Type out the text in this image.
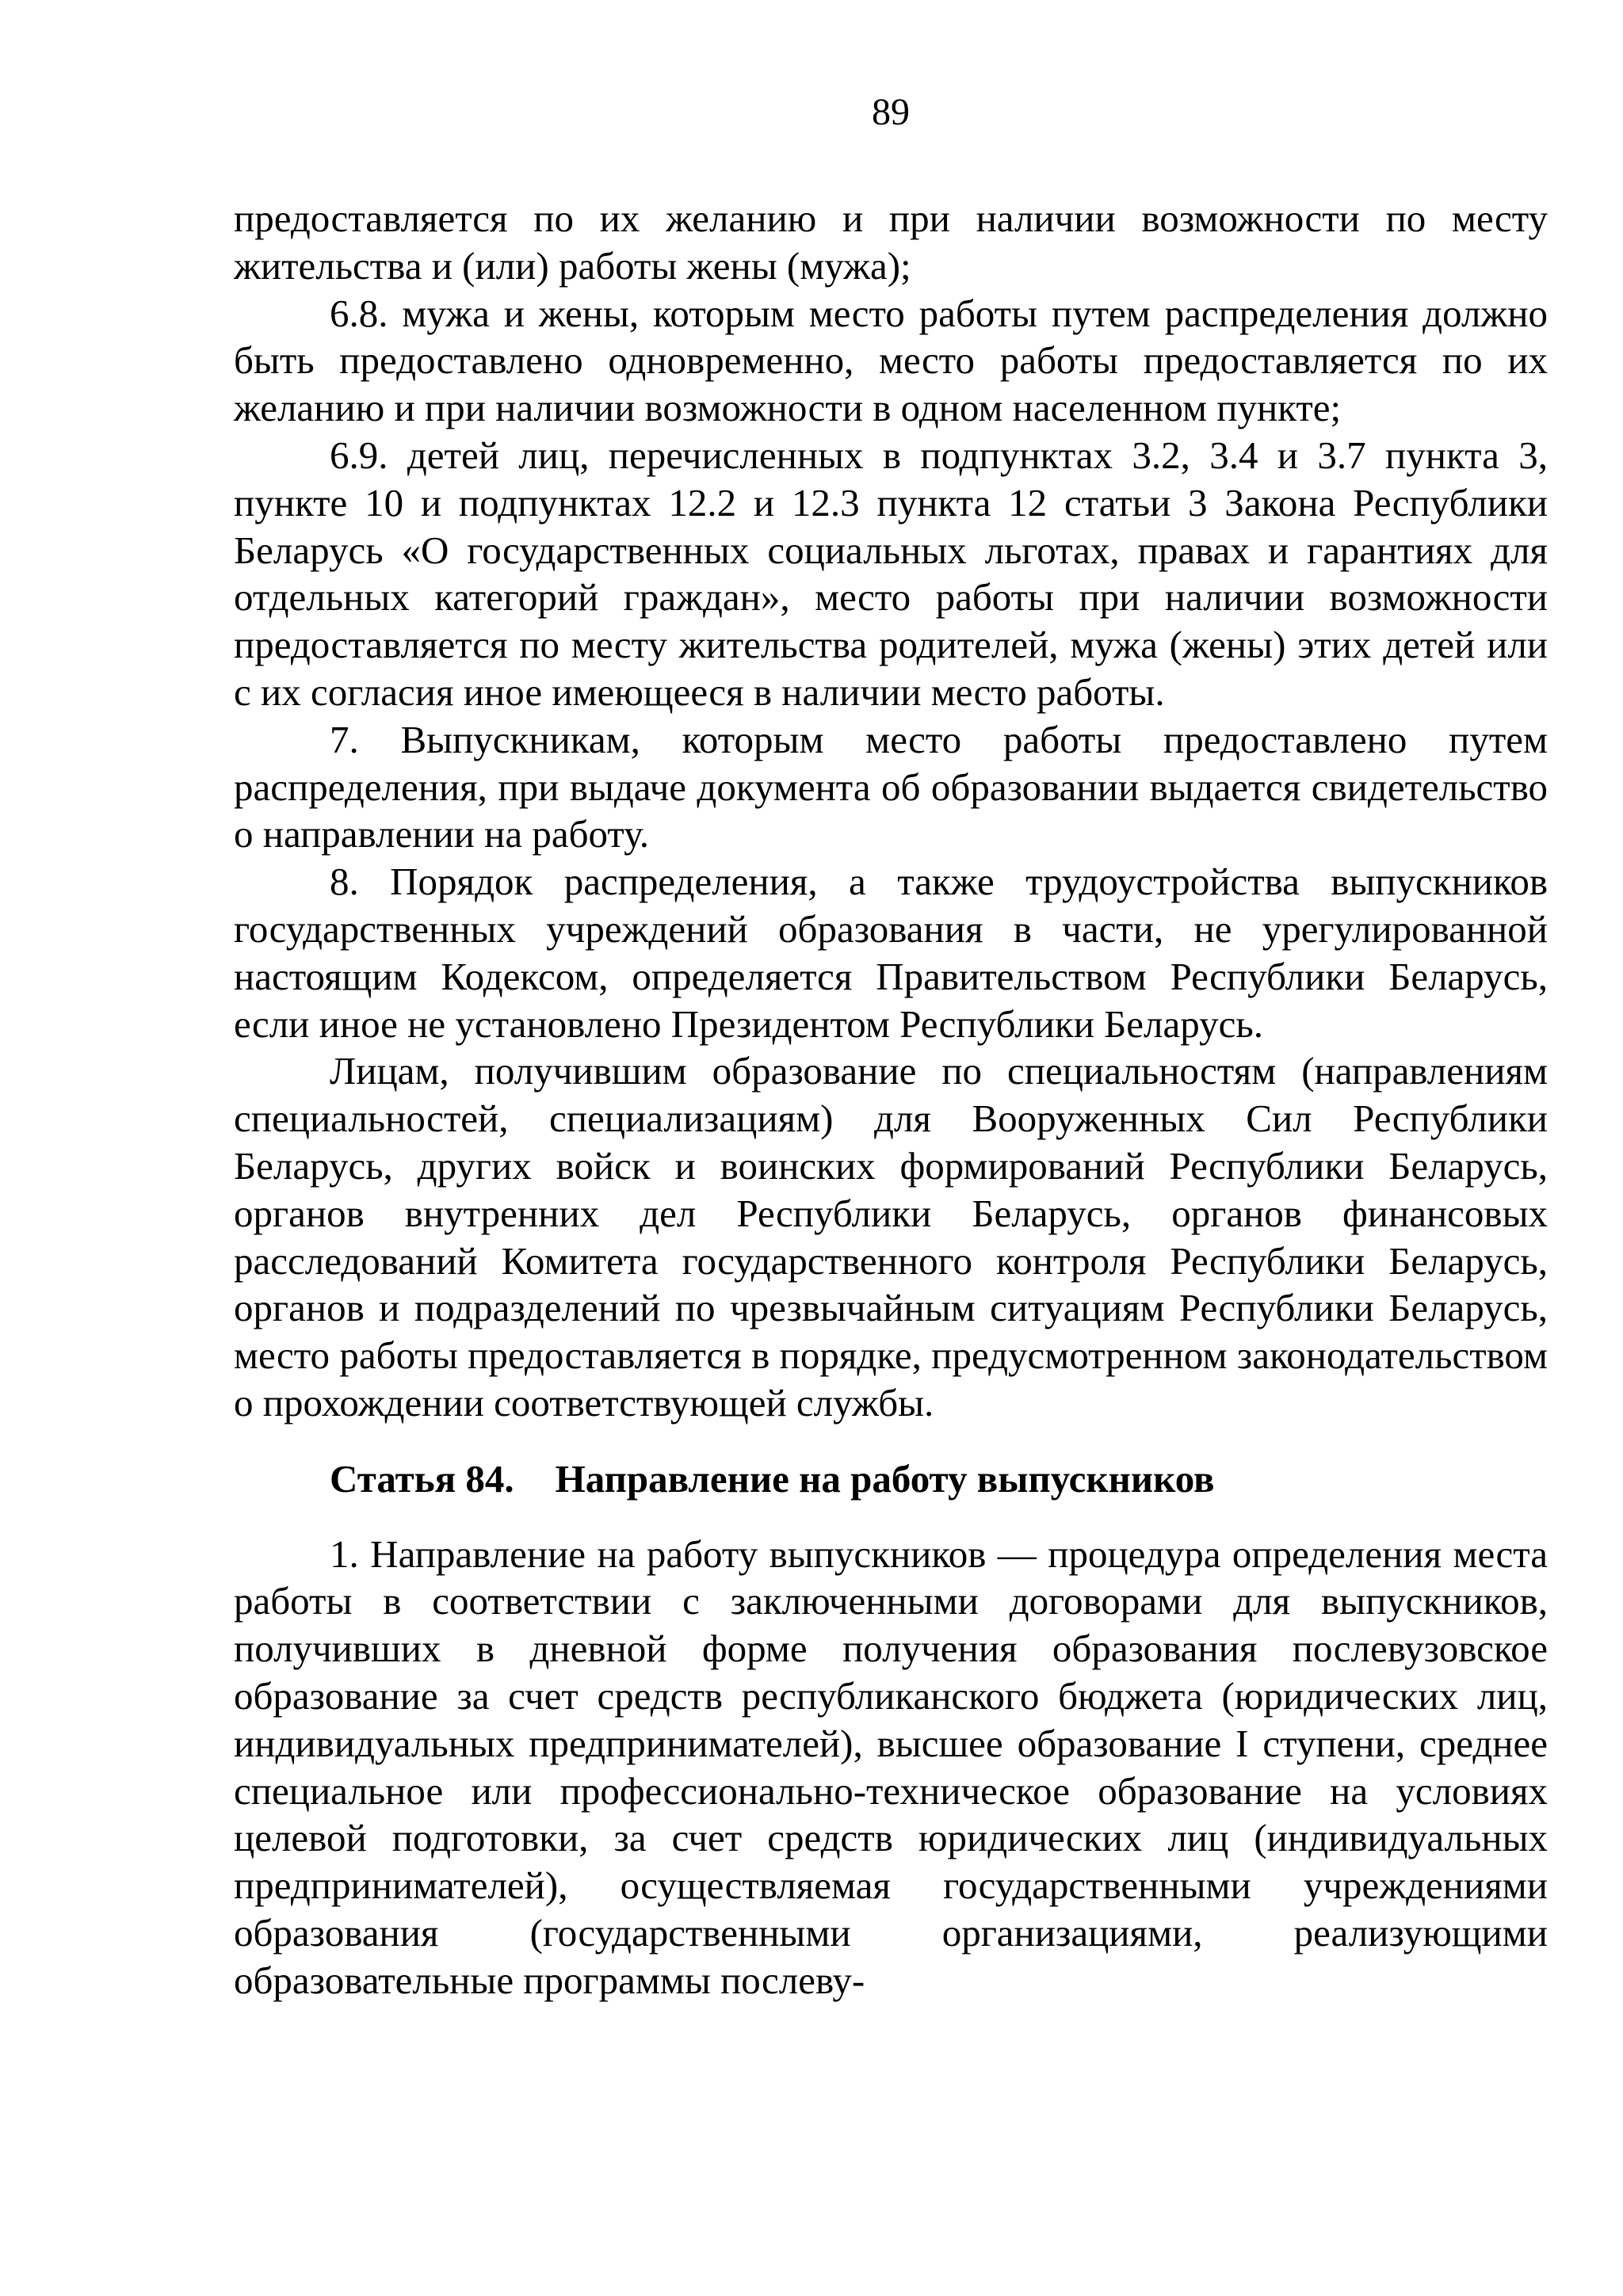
89

предоставляется по их желанию и при наличии возможности по месту жительства и (или) работы жены (мужа);

6.8. мужа и жены, которым место работы путем распределения должно быть предоставлено одновременно, место работы предоставляется по их желанию и при наличии возможности в одном населенном пункте;

6.9. детей лиц, перечисленных в подпунктах 3.2, 3.4 и 3.7 пункта 3, пункте 10 и подпунктах 12.2 и 12.3 пункта 12 статьи 3 Закона Республики Беларусь «О государственных социальных льготах, правах и гарантиях для отдельных категорий граждан», место работы при наличии возможности предоставляется по месту жительства родителей, мужа (жены) этих детей или с их согласия иное имеющееся в наличии место работы.

7. Выпускникам, которым место работы предоставлено путем распределения, при выдаче документа об образовании выдается свидетельство о направлении на работу.

8. Порядок распределения, а также трудоустройства выпускников государственных учреждений образования в части, не урегулированной настоящим Кодексом, определяется Правительством Республики Беларусь, если иное не установлено Президентом Республики Беларусь.

Лицам, получившим образование по специальностям (направлениям специальностей, специализациям) для Вооруженных Сил Республики Беларусь, других войск и воинских формирований Республики Беларусь, органов внутренних дел Республики Беларусь, органов финансовых расследований Комитета государственного контроля Республики Беларусь, органов и подразделений по чрезвычайным ситуациям Республики Беларусь, место работы предоставляется в порядке, предусмотренном законодательством о прохождении соответствующей службы.

Статья 84. Направление на работу выпускников

1. Направление на работу выпускников — процедура определения места работы в соответствии с заключенными договорами для выпускников, получивших в дневной форме получения образования послевузовское образование за счет средств республиканского бюджета (юридических лиц, индивидуальных предпринимателей), высшее образование I ступени, среднее специальное или профессионально-техническое образование на условиях целевой подготовки, за счет средств юридических лиц (индивидуальных предпринимателей), осуществляемая государственными учреждениями образования (государственными организациями, реализующими образовательные программы послеву-
